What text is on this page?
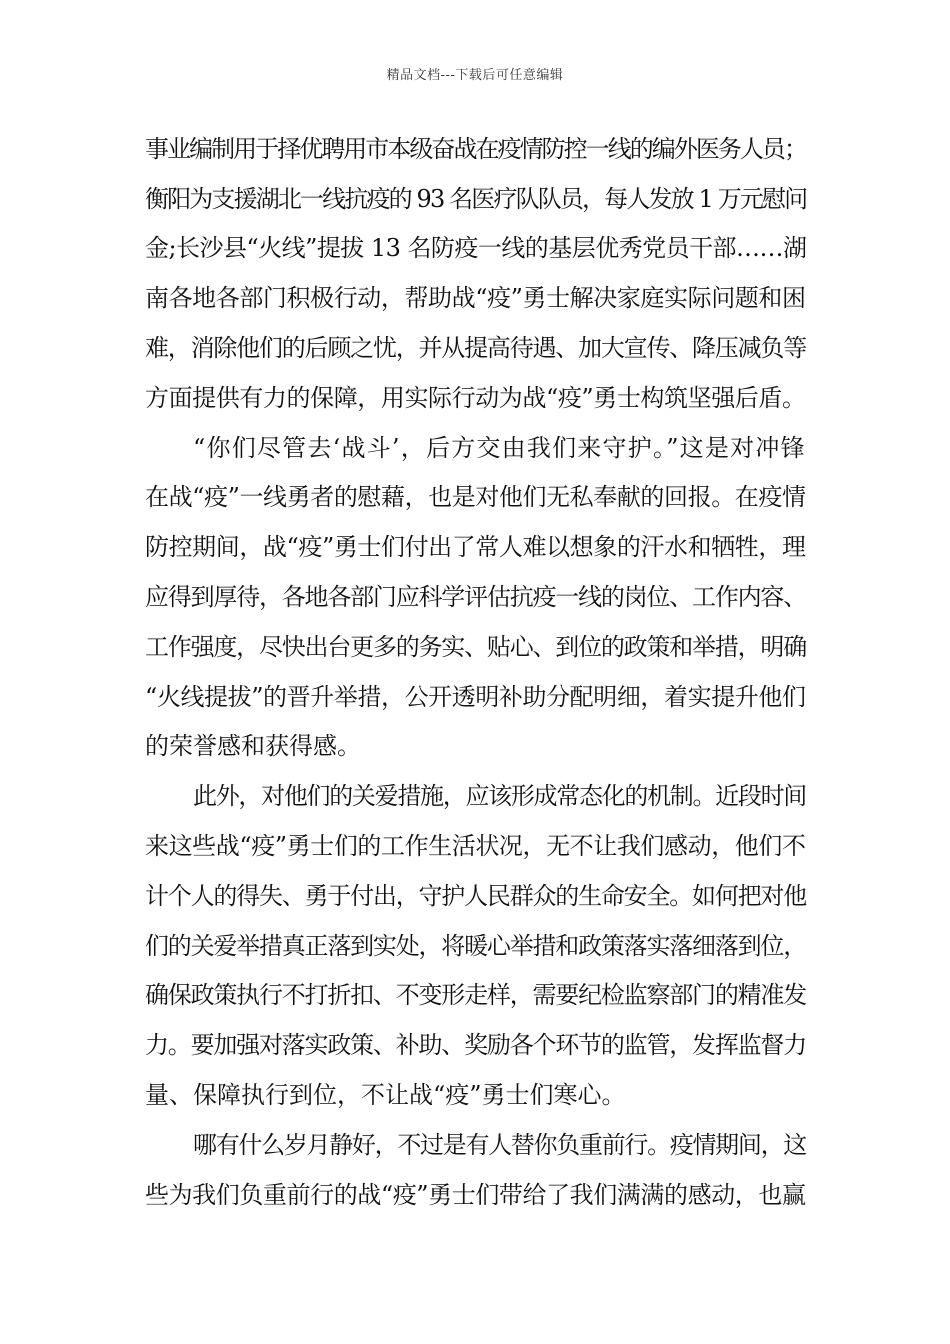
精品文档---下载后可任意编辑
事业编制用于择优聘用市本级奋战在疫情防控一线的编外医务人员；
衡阳为支援湖北一线抗疫的 93 名医疗队队员，每人发放 1 万元慰问
金;长沙县“火线”提拔 13 名防疫一线的基层优秀党员干部……湖
南各地各部门积极行动，帮助战“疫”勇士解决家庭实际问题和困
难，消除他们的后顾之忧，并从提高待遇、加大宣传、降压减负等
方面提供有力的保障，用实际行动为战“疫”勇士构筑坚强后盾。
“你们尽管去‘战斗’，后方交由我们来守护。”这是对冲锋
在战“疫”一线勇者的慰藉，也是对他们无私奉献的回报。在疫情
防控期间，战“疫”勇士们付出了常人难以想象的汗水和牺牲，理
应得到厚待，各地各部门应科学评估抗疫一线的岗位、工作内容、
工作强度，尽快出台更多的务实、贴心、到位的政策和举措，明确
“火线提拔”的晋升举措，公开透明补助分配明细，着实提升他们
的荣誉感和获得感。
此外，对他们的关爱措施，应该形成常态化的机制。近段时间
来这些战“疫”勇士们的工作生活状况，无不让我们感动，他们不
计个人的得失、勇于付出，守护人民群众的生命安全。如何把对他
们的关爱举措真正落到实处，将暖心举措和政策落实落细落到位，
确保政策执行不打折扣、不变形走样，需要纪检监察部门的精准发
力。要加强对落实政策、补助、奖励各个环节的监管，发挥监督力
量、保障执行到位，不让战“疫”勇士们寒心。
哪有什么岁月静好，不过是有人替你负重前行。疫情期间，这
些为我们负重前行的战“疫”勇士们带给了我们满满的感动，也赢
